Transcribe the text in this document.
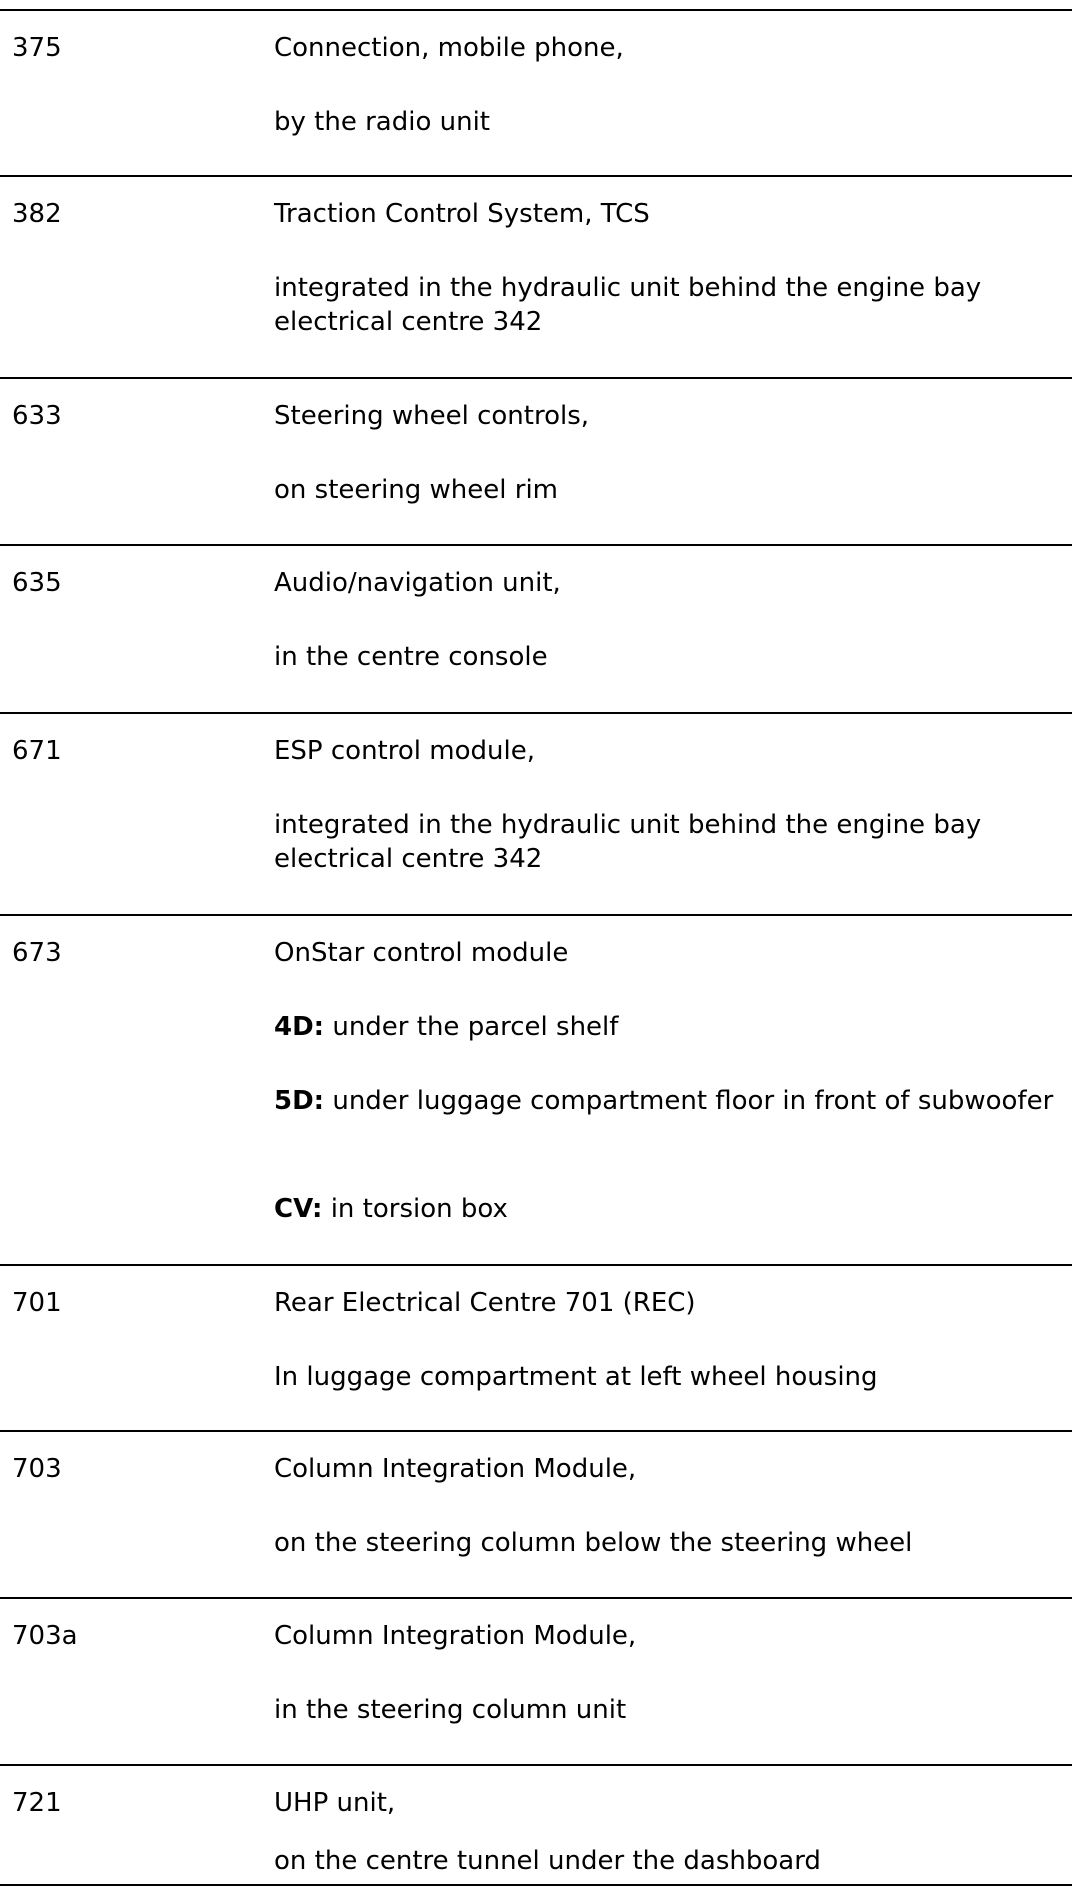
375	Connection, mobile phone,
by the radio unit
382	Traction Control System, TCS
integrated in the hydraulic unit behind the engine bay electrical centre 342
633	Steering wheel controls,
on steering wheel rim
635	Audio/navigation unit,
in the centre console
671	ESP control module,
integrated in the hydraulic unit behind the engine bay electrical centre 342
673	OnStar control module
4D: under the parcel shelf
5D: under luggage compartment floor in front of subwoofer
CV: in torsion box
701	Rear Electrical Centre 701 (REC)
In luggage compartment at left wheel housing
703	Column Integration Module,
on the steering column below the steering wheel
703a	Column Integration Module,
in the steering column unit
721	UHP unit,
on the centre tunnel under the dashboard
